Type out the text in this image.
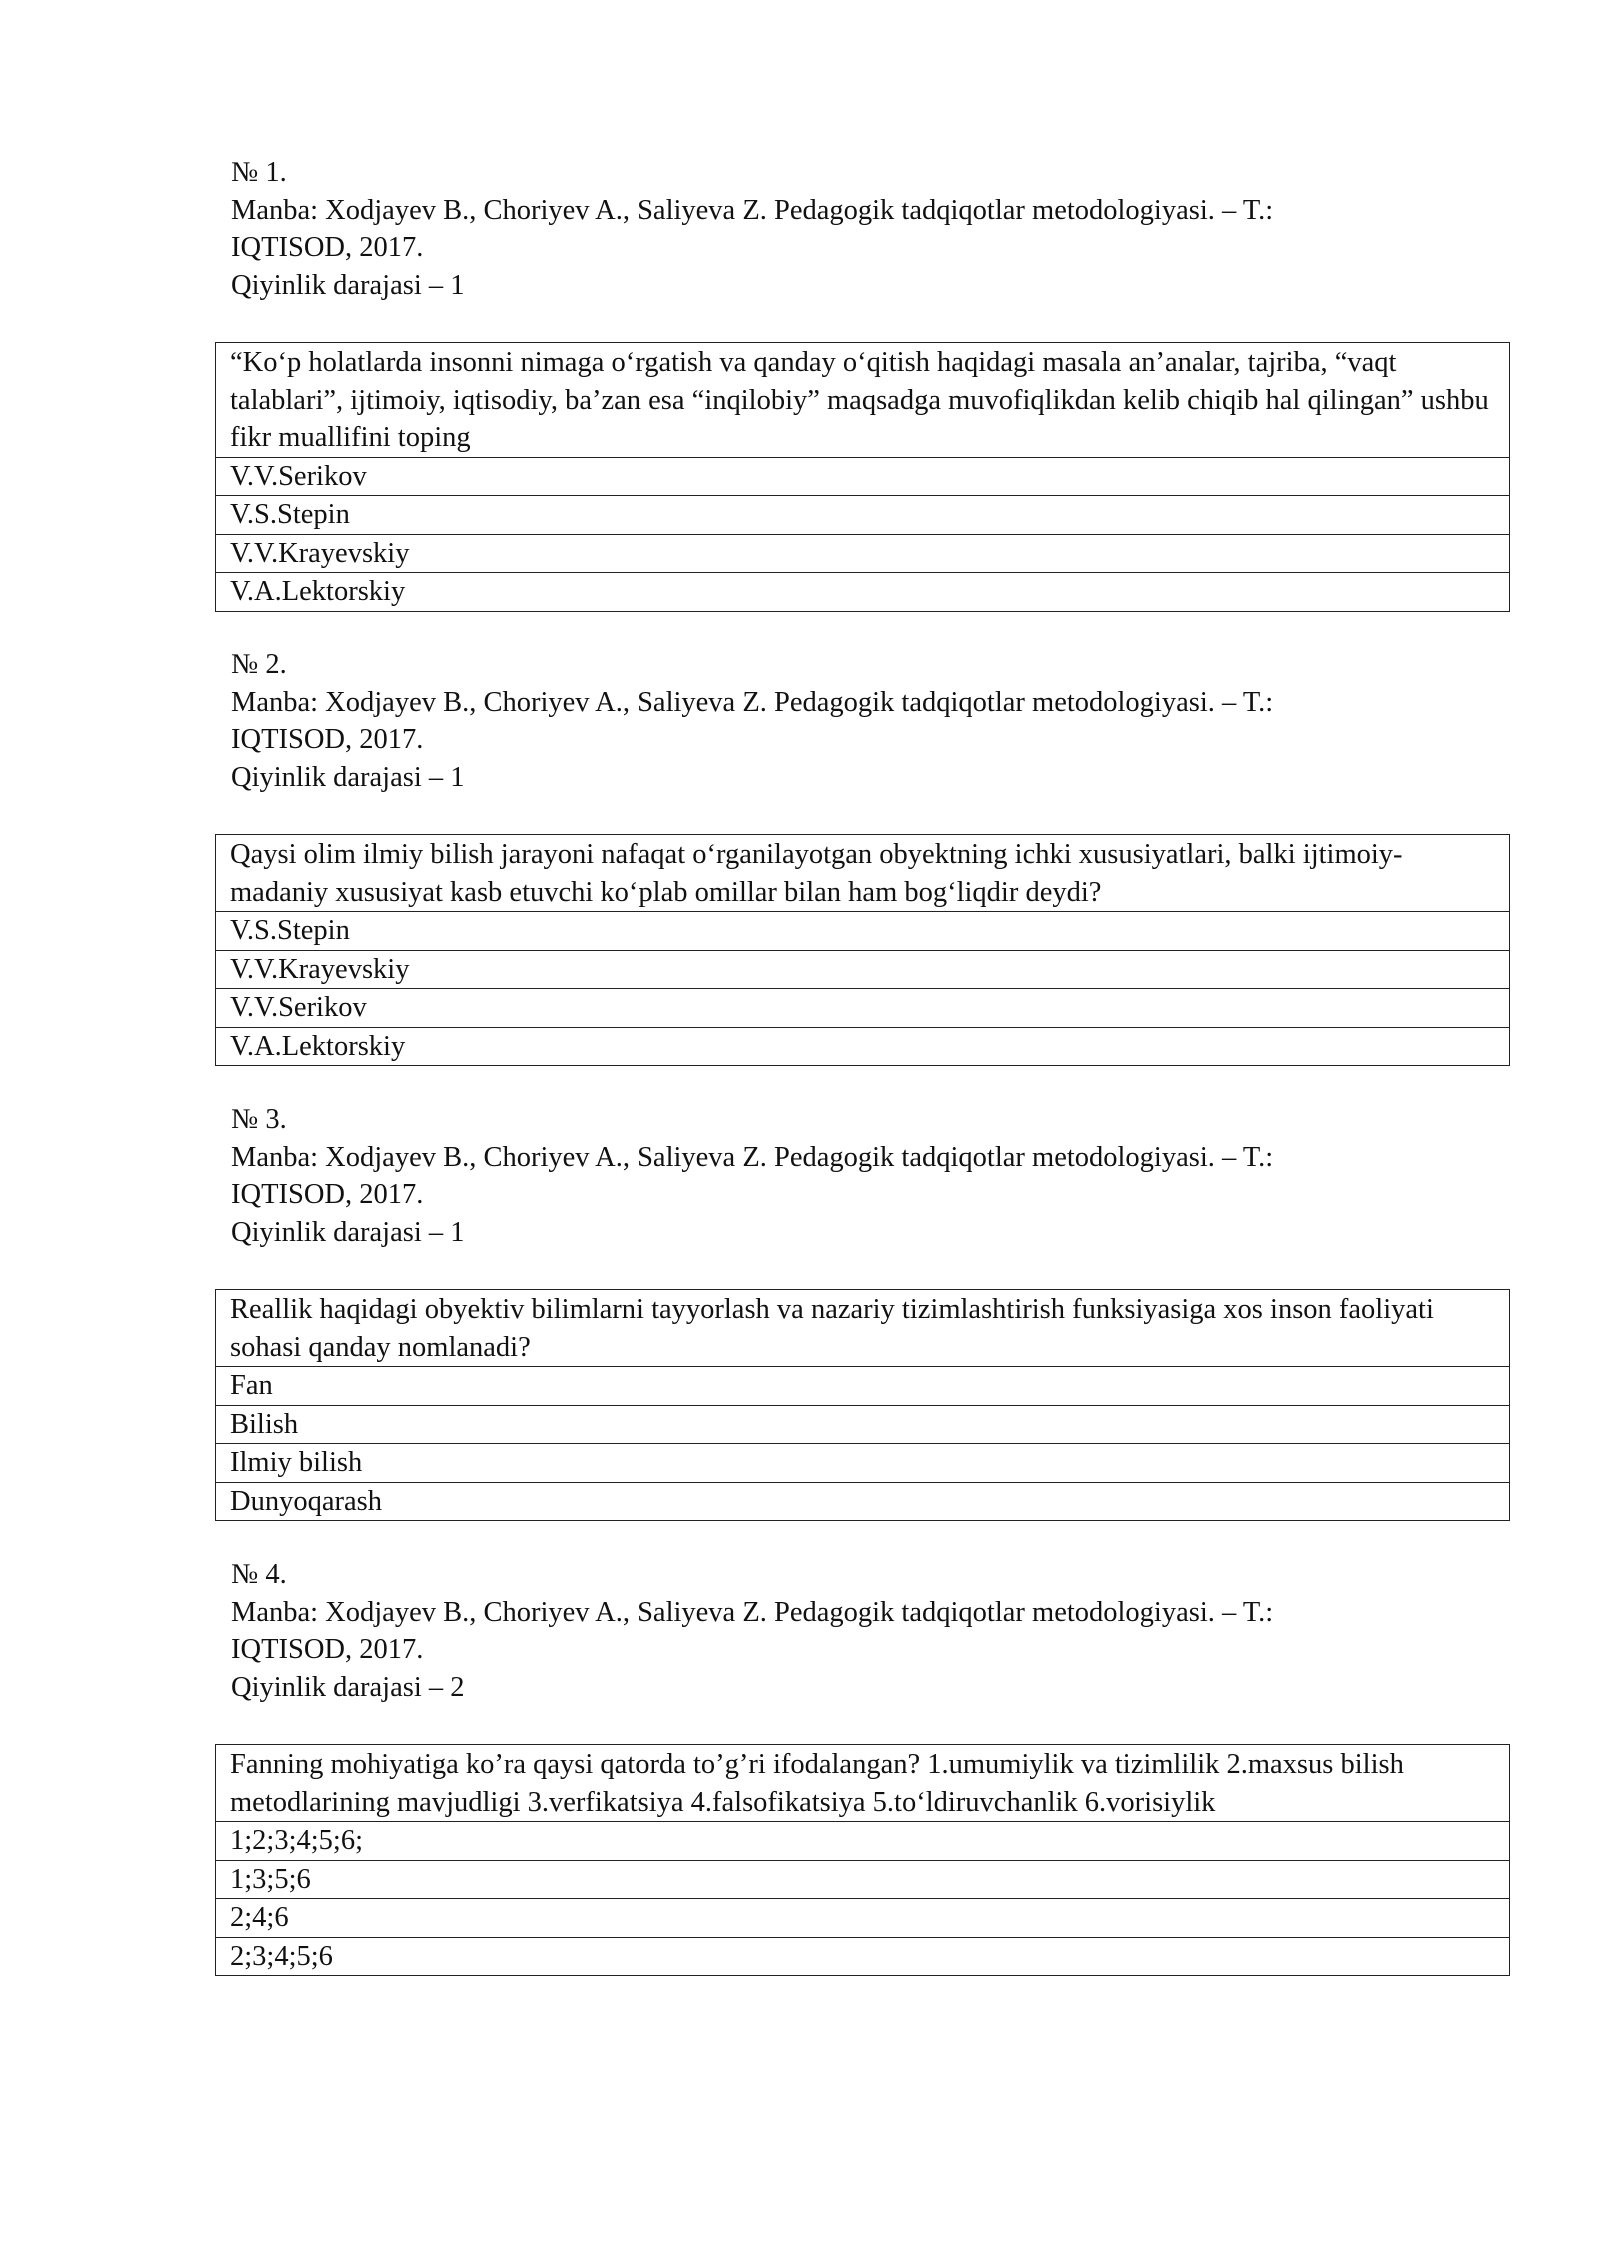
№ 1.
Manba: Xodjayev B., Choriyev A., Saliyeva Z. Pedagogik tadqiqotlar metodologiyasi. – T.:
IQTISOD, 2017.
Qiyinlik darajasi – 1
“Ko‘p holatlarda insonni nimaga o‘rgatish va qanday o‘qitish haqidagi masala an’analar, tajriba, “vaqt talablari”, ijtimoiy, iqtisodiy, ba’zan esa “inqilobiy” maqsadga muvofiqlikdan kelib chiqib hal qilingan” ushbu fikr muallifini toping
V.V.Serikov
V.S.Stepin
V.V.Krayevskiy
V.A.Lektorskiy
№ 2.
Manba: Xodjayev B., Choriyev A., Saliyeva Z. Pedagogik tadqiqotlar metodologiyasi. – T.:
IQTISOD, 2017.
Qiyinlik darajasi – 1
Qaysi olim ilmiy bilish jarayoni nafaqat o‘rganilayotgan obyektning ichki xususiyatlari, balki ijtimoiy-madaniy xususiyat kasb etuvchi ko‘plab omillar bilan ham bog‘liqdir deydi?
V.S.Stepin
V.V.Krayevskiy
V.V.Serikov
V.A.Lektorskiy
№ 3.
Manba: Xodjayev B., Choriyev A., Saliyeva Z. Pedagogik tadqiqotlar metodologiyasi. – T.:
IQTISOD, 2017.
Qiyinlik darajasi – 1
Reallik haqidagi obyektiv bilimlarni tayyorlash va nazariy tizimlashtirish funksiyasiga xos inson faoliyati sohasi qanday nomlanadi?
Fan
Bilish
Ilmiy bilish
Dunyoqarash
№ 4.
Manba: Xodjayev B., Choriyev A., Saliyeva Z. Pedagogik tadqiqotlar metodologiyasi. – T.:
IQTISOD, 2017.
Qiyinlik darajasi – 2
Fanning mohiyatiga ko’ra qaysi qatorda to’g’ri ifodalangan? 1.umumiylik va tizimlilik 2.maxsus bilish metodlarining mavjudligi 3.verfikatsiya 4.falsofikatsiya 5.to‘ldiruvchanlik 6.vorisiylik
1;2;3;4;5;6;
1;3;5;6
2;4;6
2;3;4;5;6
